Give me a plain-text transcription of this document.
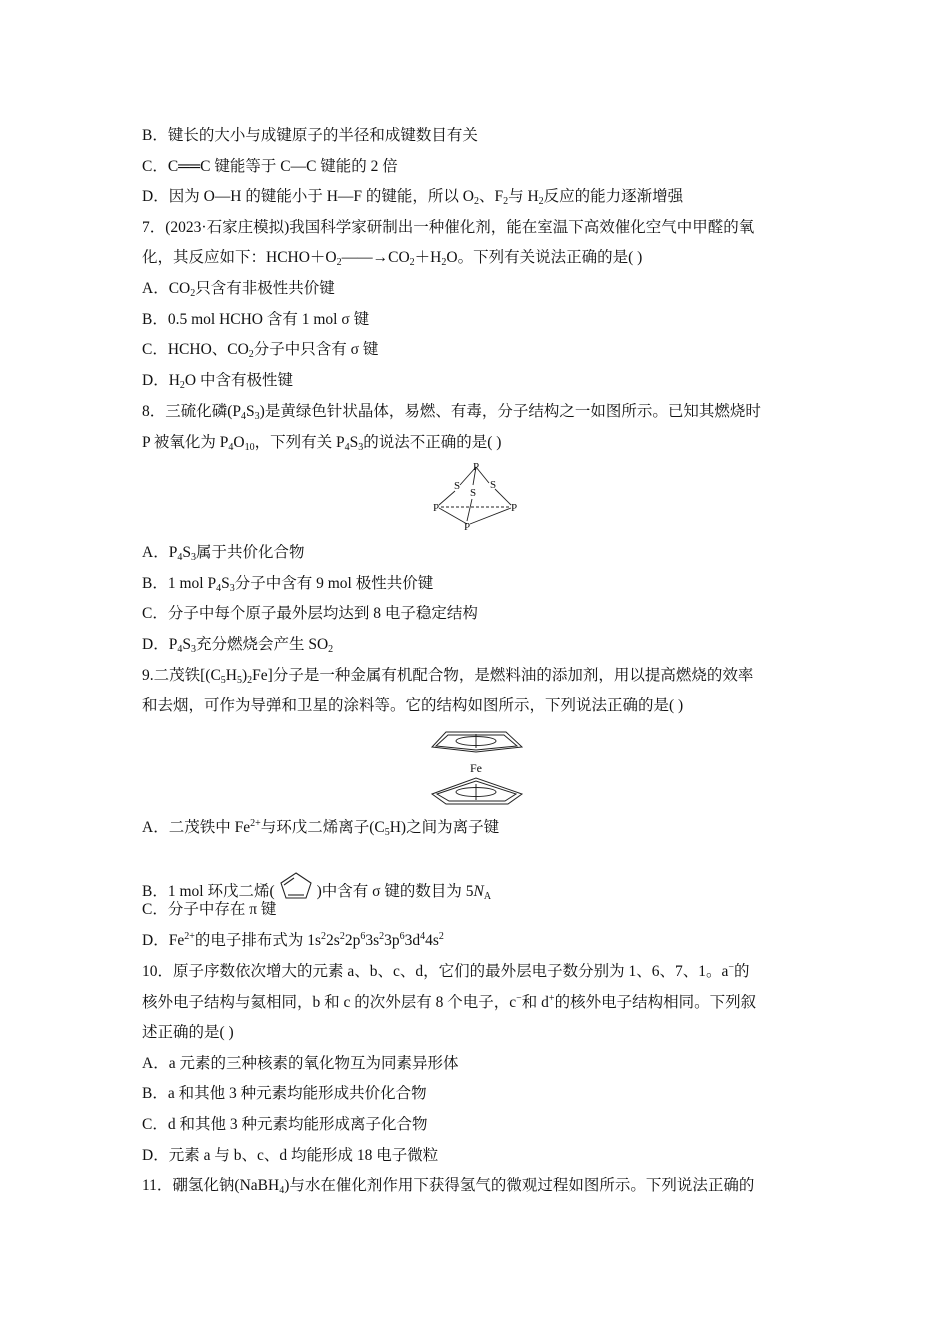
B．键长的大小与成键原子的半径和成键数目有关
C．C══C 键能等于 C—C 键能的 2 倍
D．因为 O—H 的键能小于 H—F 的键能，所以 $O_2$、$F_2$与 $H_2$反应的能力逐渐增强
7．(2023·石家庄模拟)我国科学家研制出一种催化剂，能在室温下高效催化空气中甲醛的氧
化，其反应如下：$HCHO+O_2——\to CO_2+H_2O$。下列有关说法正确的是( )
A．$CO_2$只含有非极性共价键
B．0.5 mol HCHO 含有 1 mol σ 键
C．HCHO、$CO_2$分子中只含有 σ 键
D．$H_2O$ 中含有极性键
8．三硫化磷$(P_4S_3)$是黄绿色针状晶体，易燃、有毒，分子结构之一如图所示。已知其燃烧时
P 被氧化为 $P_4O_{10}$，下列有关 $P_4S_3$的说法不正确的是( )
P
S
S
S
P	P
P
A．$P_4S_3$属于共价化合物
B．1 mol $P_4S_3$分子中含有 9 mol 极性共价键
C．分子中每个原子最外层均达到 8 电子稳定结构
D．$P_4S_3$充分燃烧会产生 $SO_2$
9.二茂铁$[(C_5H_5)_2Fe]$分子是一种金属有机配合物，是燃料油的添加剂，用以提高燃烧的效率
和去烟，可作为导弹和卫星的涂料等。它的结构如图所示，下列说法正确的是( )
Fe
A．二茂铁中 $Fe^{2+}$与环戊二烯离子$(C_5H)$之间为离子键
B．1 mol 环戊二烯(	)中含有 σ 键的数目为 $5N_A$
C．分子中存在 π 键
D．$Fe^{2+}$的电子排布式为 $1s^22s^22p^63s^23p^63d^44s^2$
10．原子序数依次增大的元素 a、b、c、d，它们的最外层电子数分别为 1、6、7、1。a−的
核外电子结构与氦相同，b 和 c 的次外层有 8 个电子，c−和 d+的核外电子结构相同。下列叙
述正确的是( )
A．a 元素的三种核素的氧化物互为同素异形体
B．a 和其他 3 种元素均能形成共价化合物
C．d 和其他 3 种元素均能形成离子化合物
D．元素 a 与 b、c、d 均能形成 18 电子微粒
11．硼氢化钠(NaBH$_4$)与水在催化剂作用下获得氢气的微观过程如图所示。下列说法正确的
